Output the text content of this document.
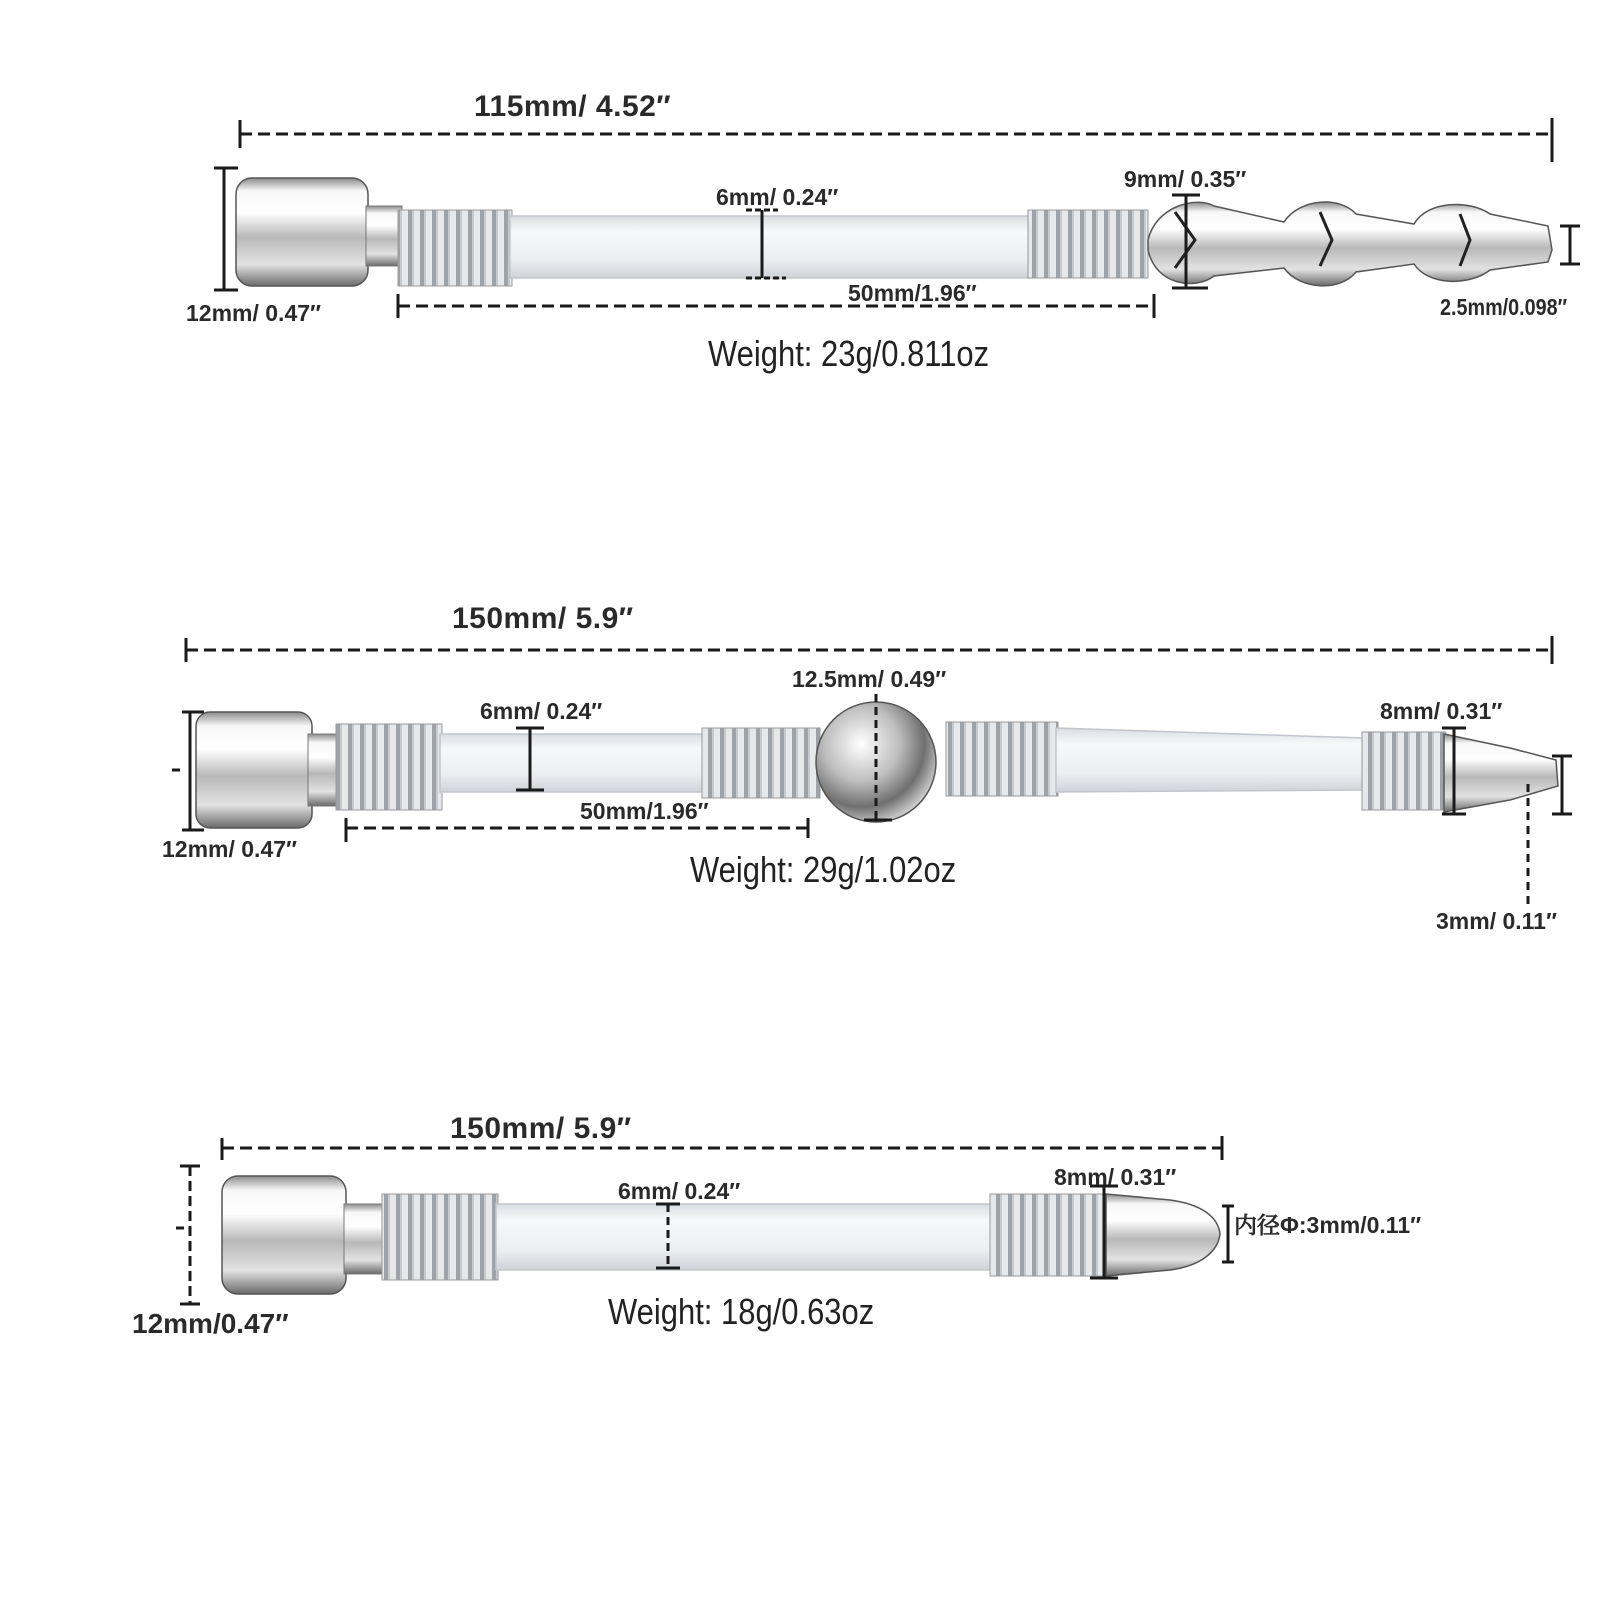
115mm/ 4.52″
6mm/ 0.24″
9mm/ 0.35″
50mm/1.96″
12mm/ 0.47″	2.5mm/0.098″
Weight: 23g/0.811oz
150mm/ 5.9″
12.5mm/ 0.49″
6mm/ 0.24″	8mm/ 0.31″
50mm/1.96″
12mm/ 0.47″
3mm/ 0.11″
Weight: 29g/1.02oz
150mm/ 5.9″
6mm/ 0.24″
8mm/ 0.31″
内径Φ:3mm/0.11″
12mm/0.47″	Weight: 18g/0.63oz
